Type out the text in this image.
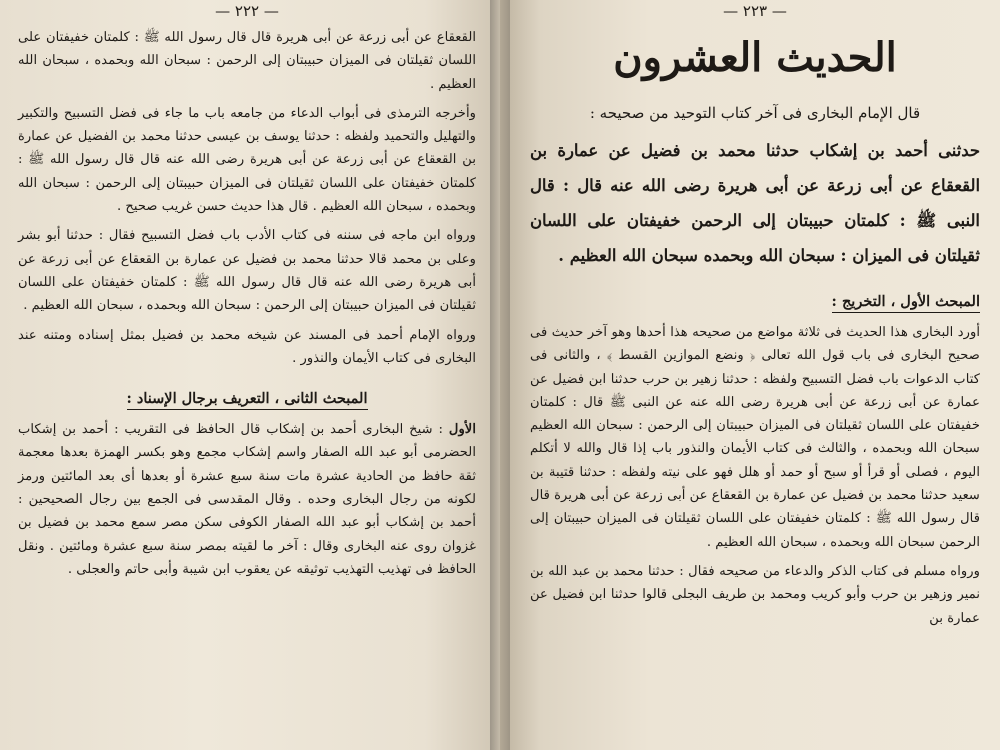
— ٢٢٢ —

القعقاع عن أبى زرعة عن أبى هريرة قال قال رسول الله ﷺ : كلمتان خفيفتان على اللسان ثقيلتان فى الميزان حبيبتان إلى الرحمن : سبحان الله وبحمده ، سبحان الله العظيم .

وأخرجه الترمذى فى أبواب الدعاء من جامعه باب ما جاء فى فضل التسبيح والتكبير والتهليل والتحميد ولفظه : حدثنا يوسف بن عيسى حدثنا محمد بن الفضيل عن عمارة بن القعقاع عن أبى زرعة عن أبى هريرة رضى الله عنه قال قال رسول الله ﷺ : كلمتان خفيفتان على اللسان ثقيلتان فى الميزان حبيبتان إلى الرحمن : سبحان الله وبحمده ، سبحان الله العظيم . قال هذا حديث حسن غريب صحيح .

ورواه ابن ماجه فى سننه فى كتاب الأدب باب فضل التسبيح فقال : حدثنا أبو بشر وعلى بن محمد قالا حدثنا محمد بن فضيل عن عمارة بن القعقاع عن أبى زرعة عن أبى هريرة رضى الله عنه قال قال رسول الله ﷺ : كلمتان خفيفتان على اللسان ثقيلتان فى الميزان حبيبتان إلى الرحمن : سبحان الله وبحمده ، سبحان الله العظيم .

ورواه الإمام أحمد فى المسند عن شيخه محمد بن فضيل بمثل إسناده ومتنه عند البخارى فى كتاب الأيمان والنذور .

المبحث الثانى ، التعريف برجال الإسناد :

الأول : شيخ البخارى أحمد بن إشكاب قال الحافظ فى التقريب : أحمد بن إشكاب الحضرمى أبو عبد الله الصفار واسم إشكاب مجمع وهو بكسر الهمزة بعدها معجمة ثقة حافظ من الحادية عشرة مات سنة سبع عشرة أو بعدها أى بعد المائتين ورمز لكونه من رجال البخارى وحده . وقال المقدسى فى الجمع بين رجال الصحيحين : أحمد بن إشكاب أبو عبد الله الصفار الكوفى سكن مصر سمع محمد بن فضيل بن غزوان روى عنه البخارى وقال : آخر ما لقيته بمصر سنة سبع عشرة ومائتين . ونقل الحافظ فى تهذيب التهذيب توثيقه عن يعقوب ابن شيبة وأبى حاتم والعجلى .

— ٢٢٣ —
الحديث العشرون
قال الإمام البخارى فى آخر كتاب التوحيد من صحيحه :

حدثنى أحمد بن إشكاب حدثنا محمد بن فضيل عن عمارة بن القعقاع عن أبى زرعة عن أبى هريرة رضى الله عنه قال : قال النبى ﷺ : كلمتان حبيبتان إلى الرحمن خفيفتان على اللسان ثقيلتان فى الميزان : سبحان الله وبحمده سبحان الله العظيم .

المبحث الأول ، التخريج :

أورد البخارى هذا الحديث فى ثلاثة مواضع من صحيحه هذا أحدها وهو آخر حديث فى صحيح البخارى فى باب قول الله تعالى ﴿ ونضع الموازين القسط ﴾ ، والثانى فى كتاب الدعوات باب فضل التسبيح ولفظه : حدثنا زهير بن حرب حدثنا ابن فضيل عن عمارة عن أبى زرعة عن أبى هريرة رضى الله عنه عن النبى ﷺ قال : كلمتان خفيفتان على اللسان ثقيلتان فى الميزان حبيبتان إلى الرحمن : سبحان الله العظيم سبحان الله وبحمده ، والثالث فى كتاب الأيمان والنذور باب إذا قال والله لا أتكلم اليوم ، فصلى أو قرأ أو سبح أو حمد أو هلل فهو على نيته ولفظه : حدثنا قتيبة بن سعيد حدثنا محمد بن فضيل عن عمارة بن القعقاع عن أبى زرعة عن أبى هريرة قال قال رسول الله ﷺ : كلمتان خفيفتان على اللسان ثقيلتان فى الميزان حبيبتان إلى الرحمن سبحان الله وبحمده ، سبحان الله العظيم .

ورواه مسلم فى كتاب الذكر والدعاء من صحيحه فقال : حدثنا محمد بن عبد الله بن نمير وزهير بن حرب وأبو كريب ومحمد بن طريف البجلى قالوا حدثنا ابن فضيل عن عمارة بن
